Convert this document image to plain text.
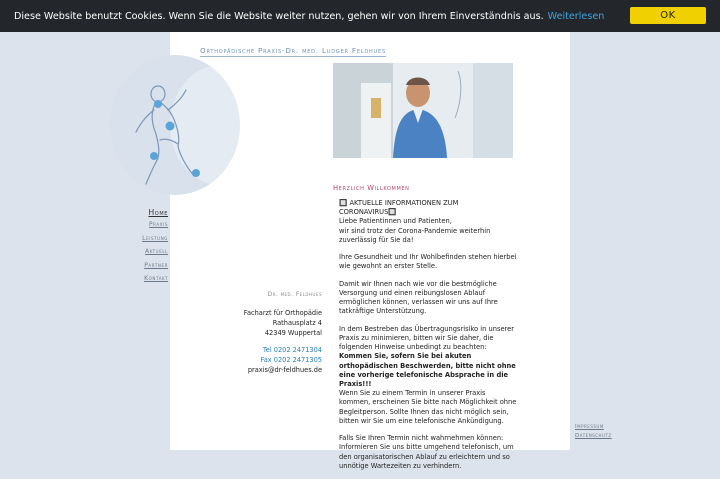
Diese Website benutzt Cookies. Wenn Sie die Website weiter nutzen, gehen wir von Ihrem Einverständnis aus. Weiterlesen	OK
Orthopädische Praxis-Dr. med. Ludger Feldhues
Home
Praxis
Leistung
Aktuell
Partner
Kontakt
Dr. med. Feldhues
Facharzt für Orthopädie
Rathausplatz 4
42349 Wuppertal
Tel 0202 2471304
Fax 0202 2471305
praxis@dr-feldhues.de
Herzlich Willkommen

🔲 AKTUELLE INFORMATIONEN ZUM CORONAVIRUS🔲
Liebe Patientinnen und Patienten,
wir sind trotz der Corona-Pandemie weiterhin zuverlässig für Sie da!

Ihre Gesundheit und Ihr Wohlbefinden stehen hierbei wie gewohnt an erster Stelle.

Damit wir Ihnen nach wie vor die bestmögliche Versorgung und einen reibungslosen Ablauf ermöglichen können, verlassen wir uns auf Ihre tatkräftige Unterstützung.

In dem Bestreben das Übertragungsrisiko in unserer Praxis zu minimieren, bitten wir Sie daher, die folgenden Hinweise unbedingt zu beachten:
Kommen Sie, sofern Sie bei akuten orthopädischen Beschwerden, bitte nicht ohne eine vorherige telefonische Absprache in die Praxis!!!
Wenn Sie zu einem Termin in unserer Praxis kommen, erscheinen Sie bitte nach Möglichkeit ohne Begleitperson. Sollte Ihnen das nicht möglich sein, bitten wir Sie um eine telefonische Ankündigung.

Falls Sie Ihren Termin nicht wahrnehmen können: Informieren Sie uns bitte umgehend telefonisch, um den organisatorischen Ablauf zu erleichtern und so unnötige Wartezeiten zu verhindern.

Impressum
Datenschutz
